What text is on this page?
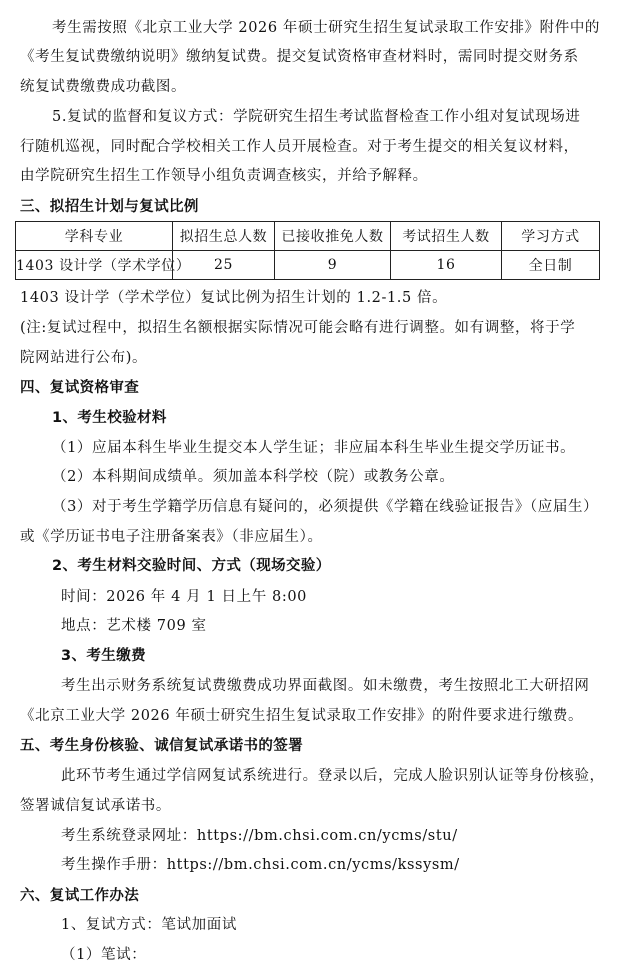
考生需按照《北京工业大学 2026 年硕士研究生招生复试录取工作安排》附件中的
《考生复试费缴纳说明》缴纳复试费。提交复试资格审查材料时，需同时提交财务系
统复试费缴费成功截图。
5.复试的监督和复议方式：学院研究生招生考试监督检查工作小组对复试现场进
行随机巡视，同时配合学校相关工作人员开展检查。对于考生提交的相关复议材料，
由学院研究生招生工作领导小组负责调查核实，并给予解释。
三、拟招生计划与复试比例
学科专业	拟招生总人数	已接收推免人数	考试招生人数	学习方式
1403 设计学（学术学位）	25	9	16	全日制
1403 设计学（学术学位）复试比例为招生计划的 1.2-1.5 倍。
(注:复试过程中，拟招生名额根据实际情况可能会略有进行调整。如有调整，将于学
院网站进行公布)。
四、复试资格审查
1、考生校验材料
（1）应届本科生毕业生提交本人学生证；非应届本科生毕业生提交学历证书。
（2）本科期间成绩单。须加盖本科学校（院）或教务公章。
（3）对于考生学籍学历信息有疑问的，必须提供《学籍在线验证报告》（应届生）
或《学历证书电子注册备案表》（非应届生）。
2、考生材料交验时间、方式（现场交验）
时间：2026 年 4 月 1 日上午 8:00
地点：艺术楼 709 室
3、考生缴费
考生出示财务系统复试费缴费成功界面截图。如未缴费，考生按照北工大研招网
《北京工业大学 2026 年硕士研究生招生复试录取工作安排》的附件要求进行缴费。
五、考生身份核验、诚信复试承诺书的签署
此环节考生通过学信网复试系统进行。登录以后，完成人脸识别认证等身份核验，
签署诚信复试承诺书。
考生系统登录网址：https://bm.chsi.com.cn/ycms/stu/
考生操作手册：https://bm.chsi.com.cn/ycms/kssysm/
六、复试工作办法
1、复试方式：笔试加面试
（1）笔试：
